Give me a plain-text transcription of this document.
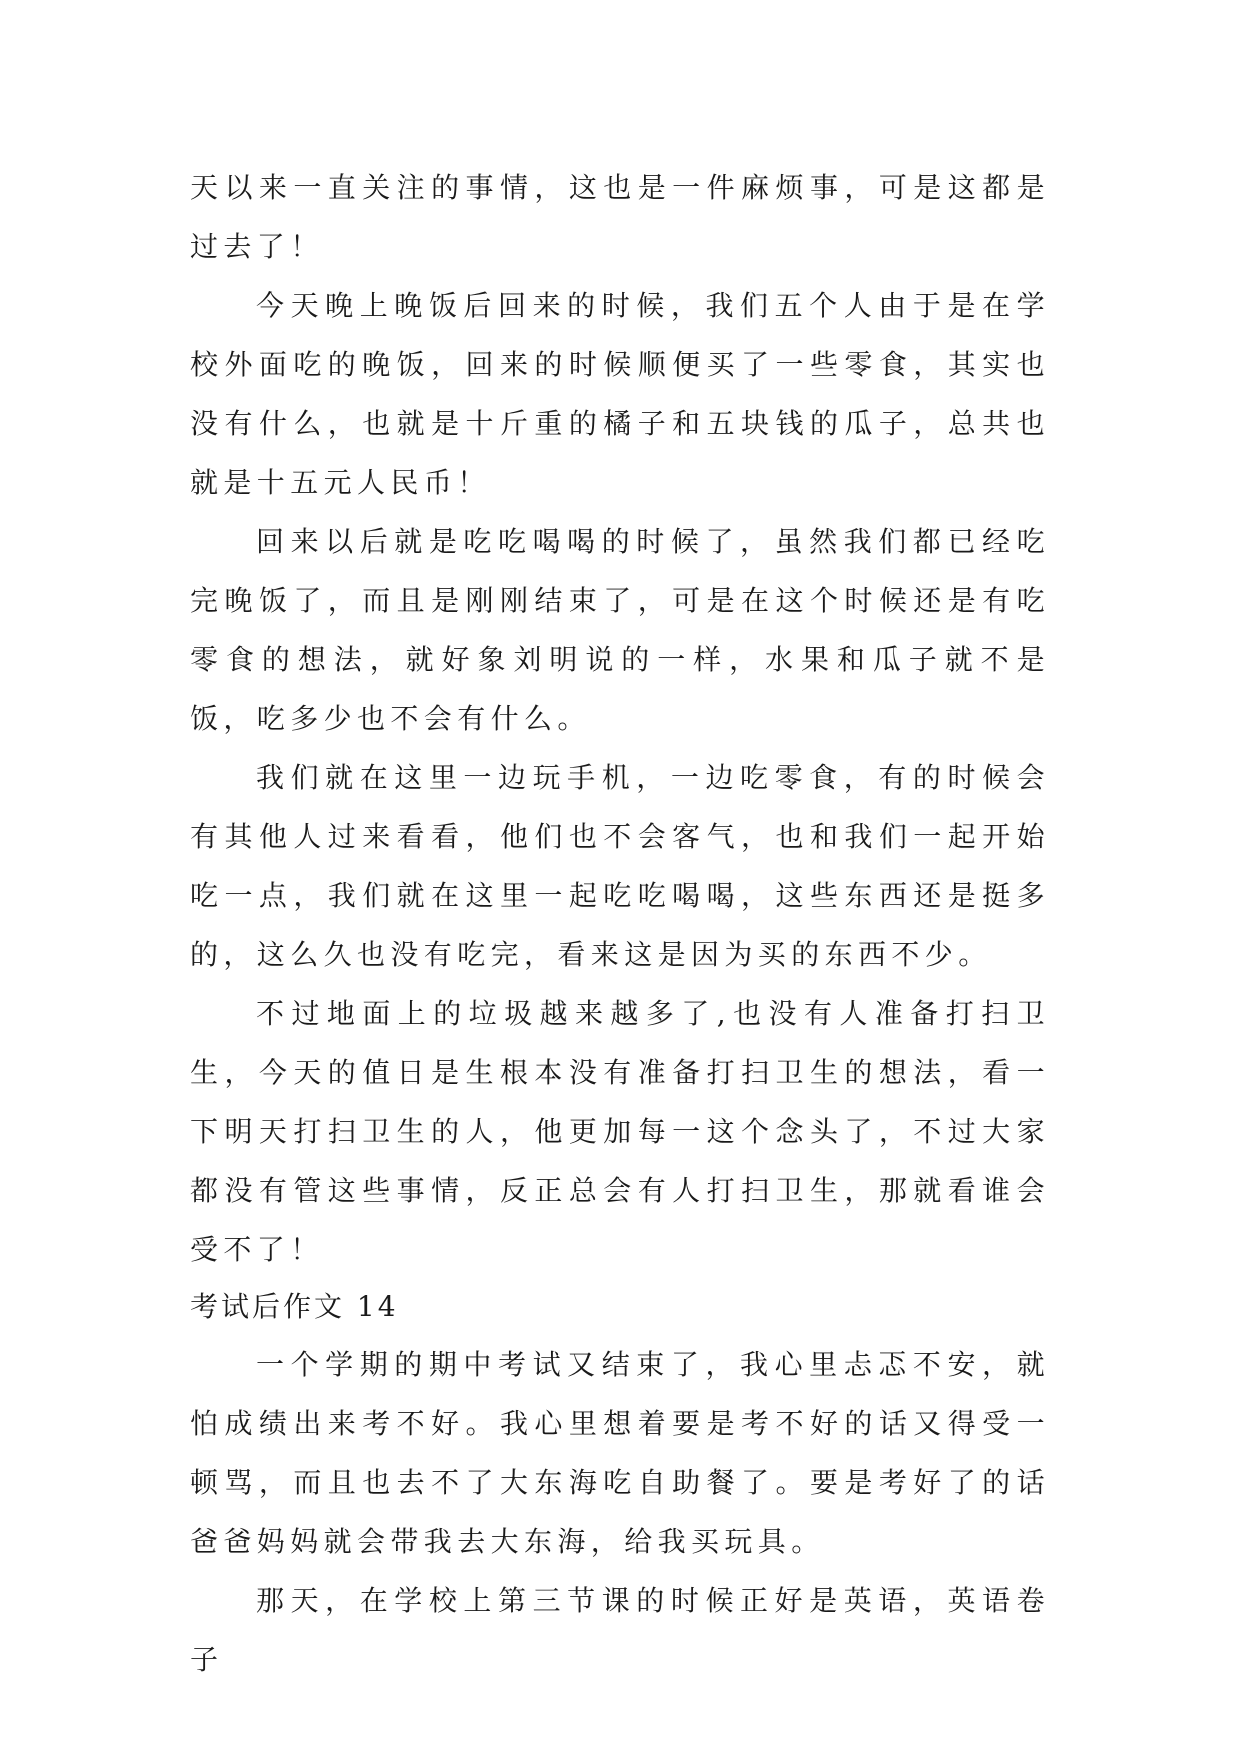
天以来一直关注的事情，这也是一件麻烦事，可是这都是过去了！

今天晚上晚饭后回来的时候，我们五个人由于是在学校外面吃的晚饭，回来的时候顺便买了一些零食，其实也没有什么，也就是十斤重的橘子和五块钱的瓜子，总共也就是十五元人民币！

回来以后就是吃吃喝喝的时候了，虽然我们都已经吃完晚饭了，而且是刚刚结束了，可是在这个时候还是有吃零食的想法，就好象刘明说的一样，水果和瓜子就不是饭，吃多少也不会有什么。

我们就在这里一边玩手机，一边吃零食，有的时候会有其他人过来看看，他们也不会客气，也和我们一起开始吃一点，我们就在这里一起吃吃喝喝，这些东西还是挺多的，这么久也没有吃完，看来这是因为买的东西不少。

不过地面上的垃圾越来越多了,也没有人准备打扫卫生，今天的值日是生根本没有准备打扫卫生的想法，看一下明天打扫卫生的人，他更加每一这个念头了，不过大家都没有管这些事情，反正总会有人打扫卫生，那就看谁会受不了！

考试后作文 14

一个学期的期中考试又结束了，我心里忐忑不安，就怕成绩出来考不好。我心里想着要是考不好的话又得受一顿骂，而且也去不了大东海吃自助餐了。要是考好了的话爸爸妈妈就会带我去大东海，给我买玩具。

那天，在学校上第三节课的时候正好是英语，英语卷子
